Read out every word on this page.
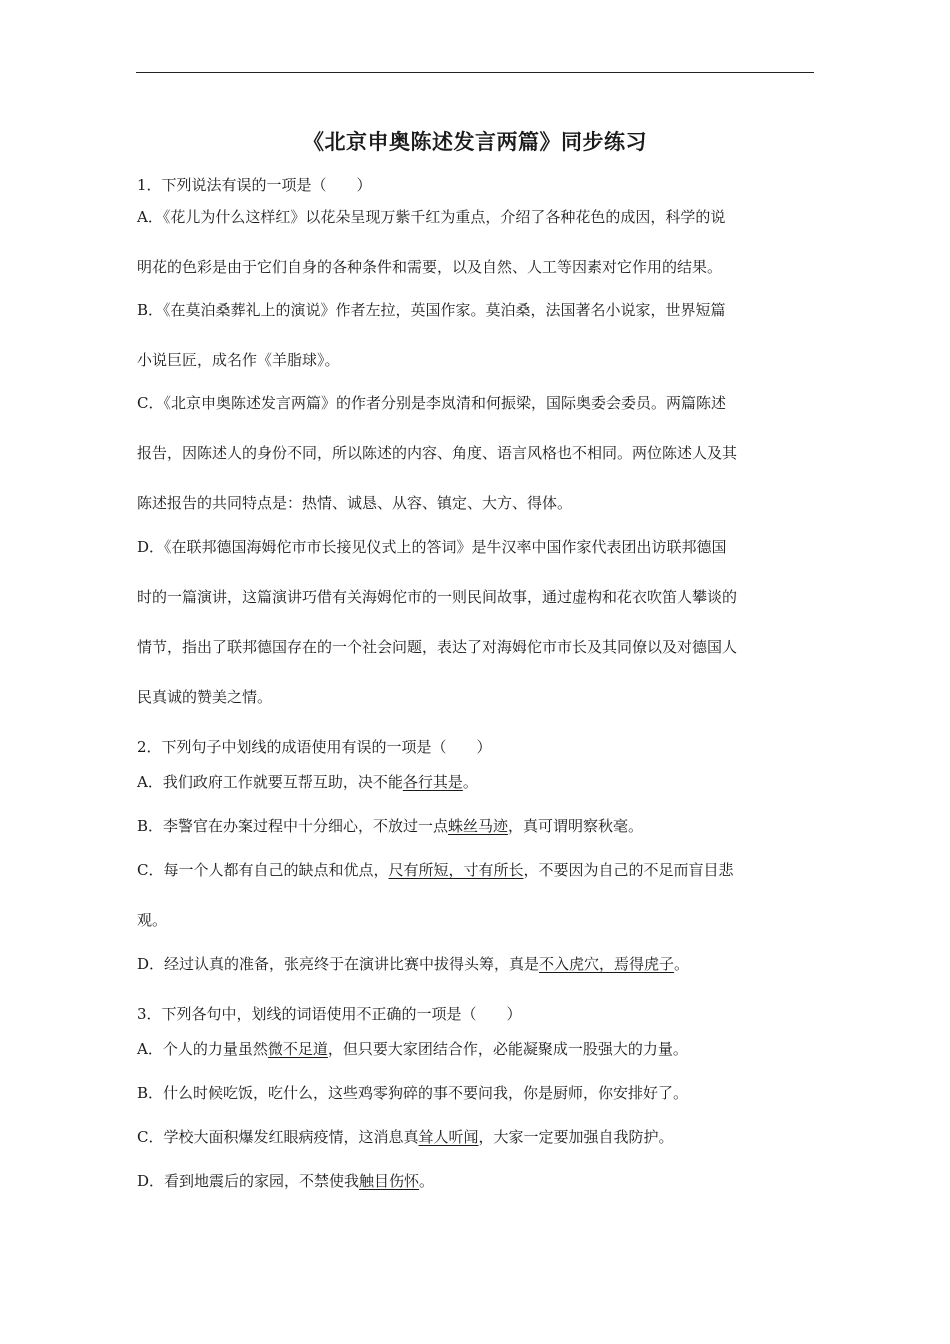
《北京申奥陈述发言两篇》同步练习
1．下列说法有误的一项是（　　）
A．《花儿为什么这样红》以花朵呈现万紫千红为重点，介绍了各种花色的成因，科学的说
明花的色彩是由于它们自身的各种条件和需要，以及自然、人工等因素对它作用的结果。
B．《在莫泊桑葬礼上的演说》作者左拉，英国作家。莫泊桑，法国著名小说家，世界短篇
小说巨匠，成名作《羊脂球》。
C．《北京申奥陈述发言两篇》的作者分别是李岚清和何振梁，国际奥委会委员。两篇陈述
报告，因陈述人的身份不同，所以陈述的内容、角度、语言风格也不相同。两位陈述人及其
陈述报告的共同特点是：热情、诚恳、从容、镇定、大方、得体。
D．《在联邦德国海姆佗市市长接见仪式上的答词》是牛汉率中国作家代表团出访联邦德国
时的一篇演讲，这篇演讲巧借有关海姆佗市的一则民间故事，通过虚构和花衣吹笛人攀谈的
情节，指出了联邦德国存在的一个社会问题，表达了对海姆佗市市长及其同僚以及对德国人
民真诚的赞美之情。
2．下列句子中划线的成语使用有误的一项是（　　）
A．我们政府工作就要互帮互助，决不能各行其是。
B．李警官在办案过程中十分细心，不放过一点蛛丝马迹，真可谓明察秋毫。
C．每一个人都有自己的缺点和优点，尺有所短，寸有所长，不要因为自己的不足而盲目悲
观。
D．经过认真的准备，张亮终于在演讲比赛中拔得头筹，真是不入虎穴，焉得虎子。
3．下列各句中，划线的词语使用不正确的一项是（　　）
A．个人的力量虽然微不足道，但只要大家团结合作，必能凝聚成一股强大的力量。
B．什么时候吃饭，吃什么，这些鸡零狗碎的事不要问我，你是厨师，你安排好了。
C．学校大面积爆发红眼病疫情，这消息真耸人听闻，大家一定要加强自我防护。
D．看到地震后的家园，不禁使我触目伤怀。
